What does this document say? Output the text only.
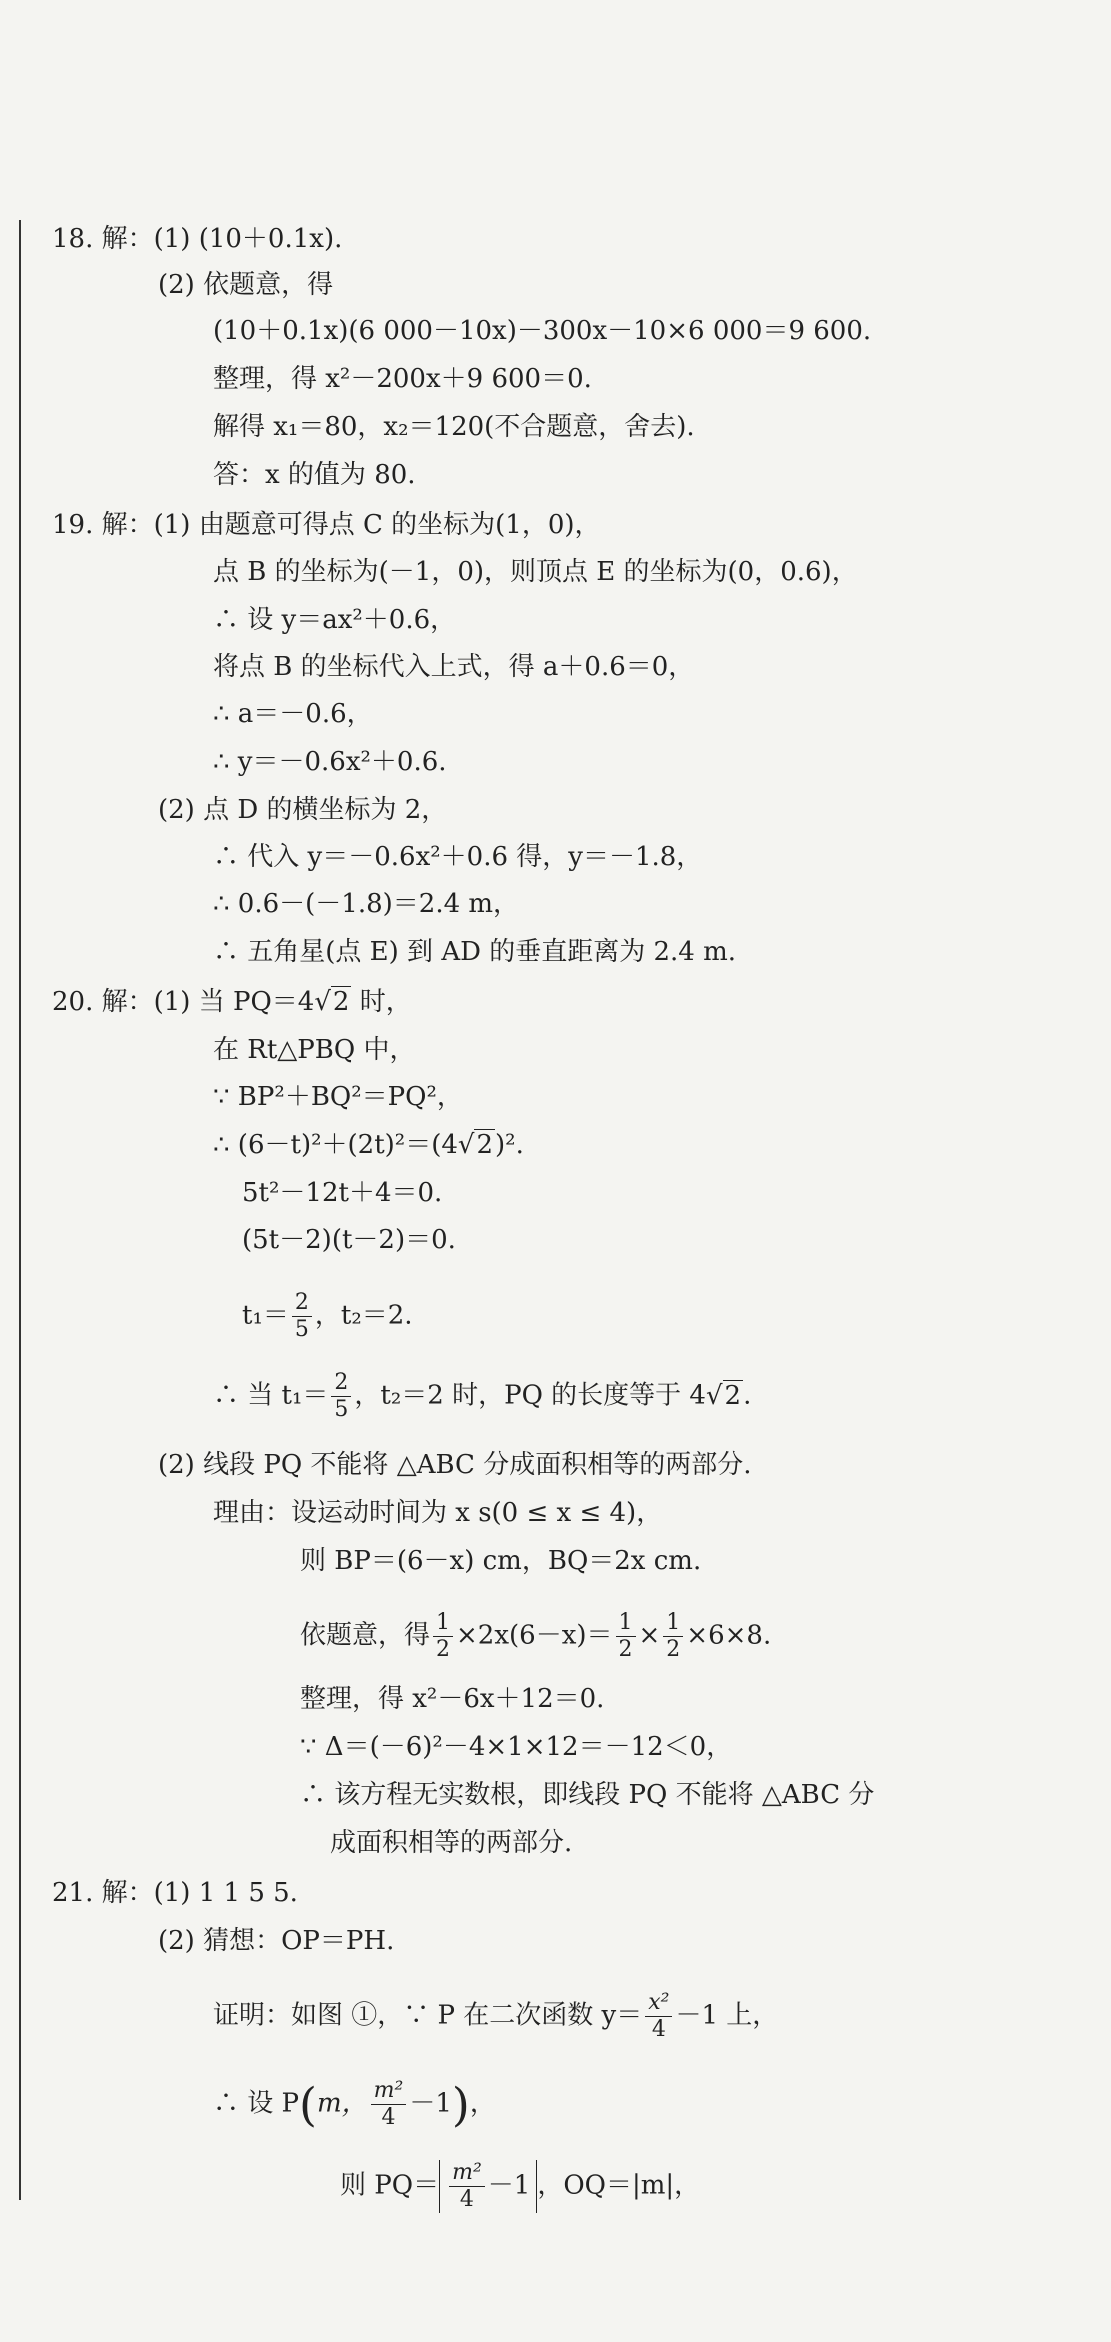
18. 解：(1) (10＋0.1x).
(2) 依题意，得
(10＋0.1x)(6 000－10x)－300x－10×6 000＝9 600.
整理，得 x²－200x＋9 600＝0.
解得 x₁＝80，x₂＝120(不合题意，舍去).
答：x 的值为 80.
19. 解：(1) 由题意可得点 C 的坐标为(1，0)，
点 B 的坐标为(－1，0)，则顶点 E 的坐标为(0，0.6)，
∴ 设 y＝ax²＋0.6，
将点 B 的坐标代入上式，得 a＋0.6＝0，
∴ a＝－0.6，
∴ y＝－0.6x²＋0.6.
(2) 点 D 的横坐标为 2，
∴ 代入 y＝－0.6x²＋0.6 得，y＝－1.8，
∴ 0.6－(－1.8)＝2.4 m，
∴ 五角星(点 E) 到 AD 的垂直距离为 2.4 m.
20. 解：(1) 当 PQ＝4√2 时，
在 Rt△PBQ 中，
∵ BP²＋BQ²＝PQ²，
∴ (6－t)²＋(2t)²＝(4√2)².
5t²－12t＋4＝0.
(5t－2)(t－2)＝0.
$t_1= \frac{2}{5}$ ，t₂＝2.
∴ 当 $t_1= \frac{2}{5}$ ，t₂＝2 时，PQ 的长度等于 4√2.
(2) 线段 PQ 不能将 △ABC 分成面积相等的两部分.
理由：设运动时间为 x s(0 ≤ x ≤ 4)，
则 BP＝(6－x) cm，BQ＝2x cm.
依题意，得 $\frac{1}{2} \times 2x(6-x)= \frac{1}{2} \times \frac{1}{2} \times 6\times 8$.
整理，得 x²－6x＋12＝0.
∵ Δ＝(－6)²－4×1×12＝－12＜0，
∴ 该方程无实数根，即线段 PQ 不能将 △ABC 分
成面积相等的两部分.
21. 解：(1) 1 1 5 5.
(2) 猜想：OP＝PH.
证明：如图 ①，∵ P 在二次函数 $y= \frac{\text{x²}}{4} -1$ 上，
∴ 设 P(m， $\frac{\text{m²}}{4} -1$)，
则 $PQ= \frac{\text{m²}}{4} -1$ ，OQ＝|m|，
